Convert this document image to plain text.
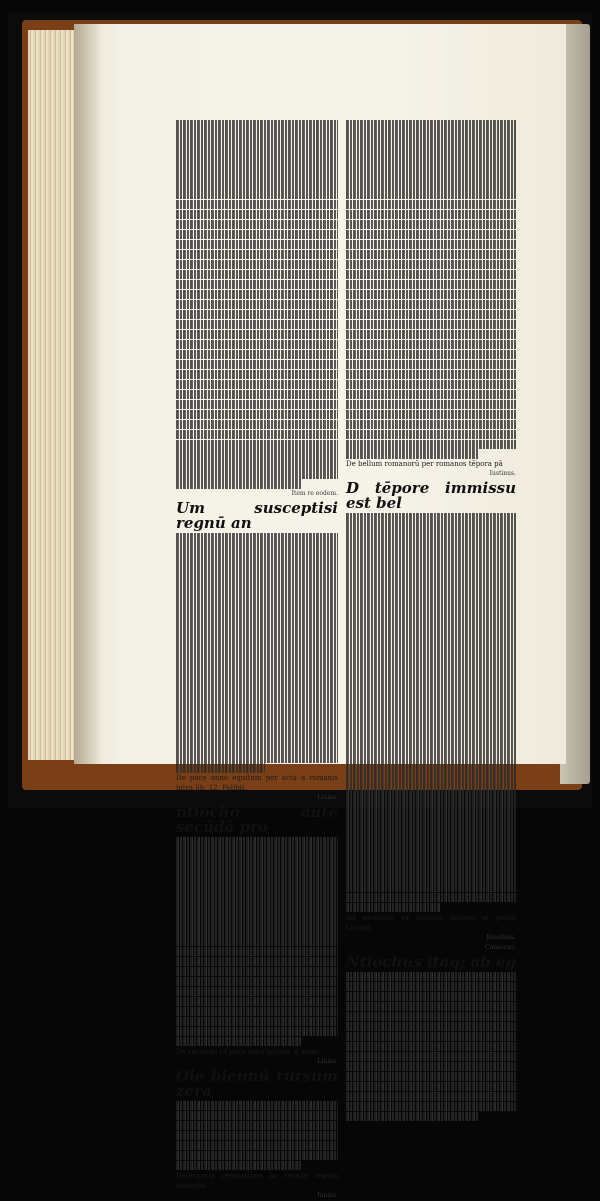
Item re eodem.
Um susceptisi regnū an
De pace anno equitum per acta a romanis intra lib. 12. Polibii.
Liuius.
ntiocho autē secūdā pro
De secunda re pace inscriptionē sī anno.
Liuius.
Oie biennū rursum zera
Defensoria reputatione ac resiste regum Antiochi.
Iuuius.
De bellum romanorū per romanos tēpora pā
Iustinus.
D tēpore immissu est bel
Ad excelsior ex historia antiqui et polibi Lucani.
Eusebius.
Consocus.
Ntiochus itaq; ab eg
